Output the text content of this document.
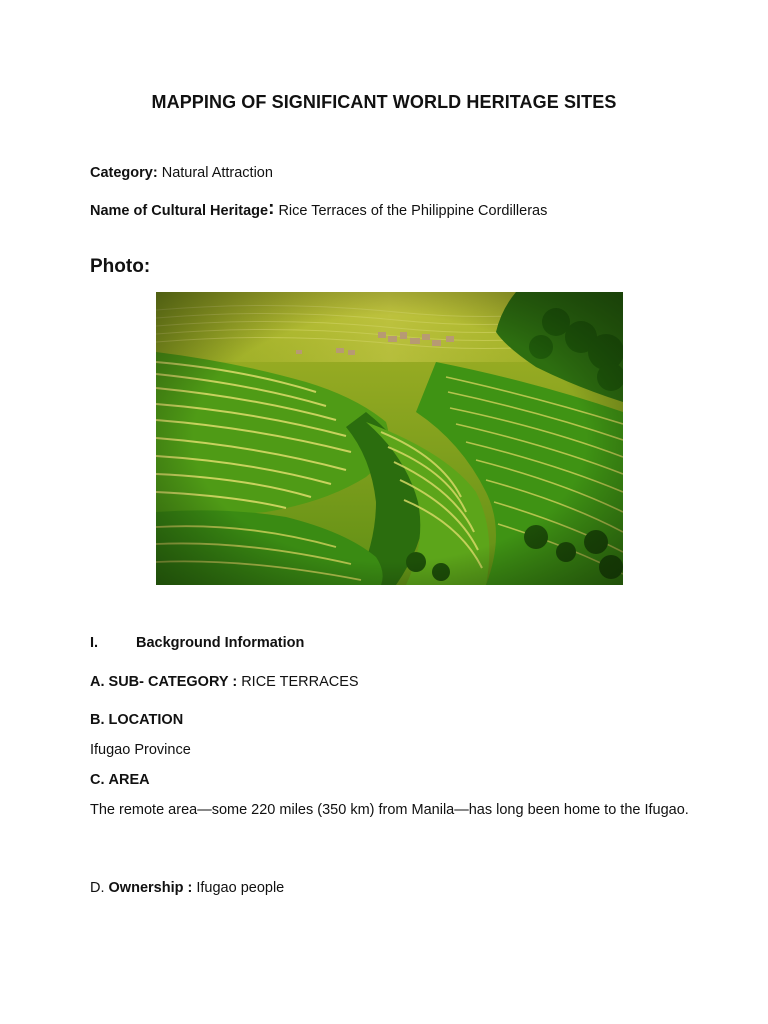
MAPPING OF SIGNIFICANT WORLD HERITAGE SITES
Category: Natural Attraction
Name of Cultural Heritage: Rice Terraces of the Philippine Cordilleras
Photo:
I.	Background Information
A. SUB- CATEGORY : RICE TERRACES
B. LOCATION
Ifugao Province
C. AREA
The remote area—some 220 miles (350 km) from Manila—has long been home to the Ifugao.
D. Ownership : Ifugao people
